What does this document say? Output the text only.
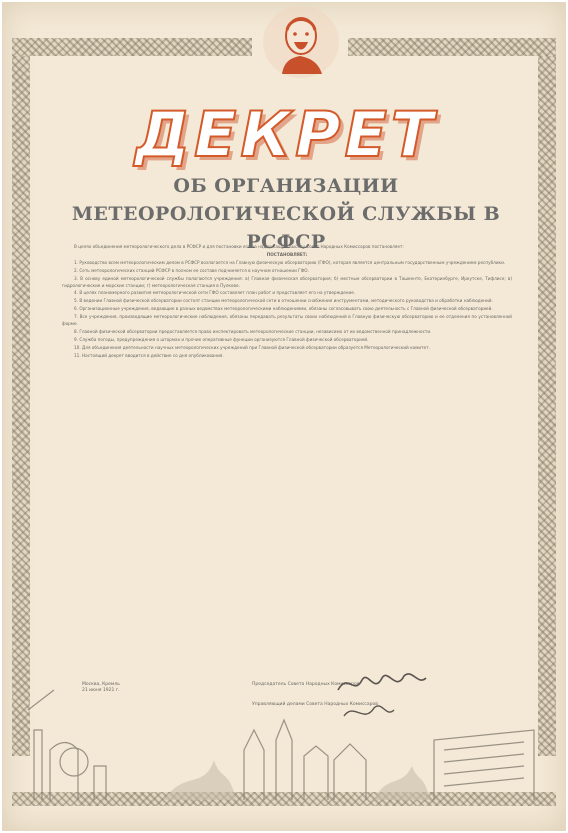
ДЕКРЕТ
ОБ ОРГАНИЗАЦИИ МЕТЕОРОЛОГИЧЕСКОЙ СЛУЖБЫ В РСФСР

В целях объединения метеорологического дела в РСФСР и для постановки его на надлежащую высоту Совет Народных Комиссаров постановляет:

ПОСТАНОВЛЯЕТ:

1. Руководство всем метеорологическим делом в РСФСР возлагается на Главную физическую обсерваторию (ГФО), которая является центральным государственным учреждением республики.

2. Сеть метеорологических станций РСФСР в полном ее составе подчиняется в научном отношении ГФО.

3. В основу единой метеорологической службы полагаются учреждения: а) Главная физическая обсерватория; б) местные обсерватории в Ташкенте, Екатеринбурге, Иркутске, Тифлисе; в) гидрологические и морские станции; г) метеорологическая станция в Пулкове.

4. В целях планомерного развития метеорологической сети ГФО составляет план работ и представляет его на утверждение.

5. В ведении Главной физической обсерватории состоят станции метеорологической сети в отношении снабжения инструментами, методического руководства и обработки наблюдений.

6. Организационные учреждения, ведающие в разных ведомствах метеорологическими наблюдениями, обязаны согласовывать свою деятельность с Главной физической обсерваторией.

7. Все учреждения, производящие метеорологические наблюдения, обязаны передавать результаты своих наблюдений в Главную физическую обсерваторию и ее отделения по установленной форме.

8. Главной физической обсерватории предоставляется право инспектировать метеорологические станции, независимо от их ведомственной принадлежности.

9. Служба погоды, предупреждения о штормах и прочие оперативные функции организуются Главной физической обсерваторией.

10. Для объединения деятельности научных метеорологических учреждений при Главной физической обсерватории образуется Метеорологический комитет.

11. Настоящий декрет вводится в действие со дня опубликования.

Москва, Кремль
21 июня 1921 г.
Председатель Совета Народных Комиссаров
Управляющий делами Совета Народных Комиссаров
